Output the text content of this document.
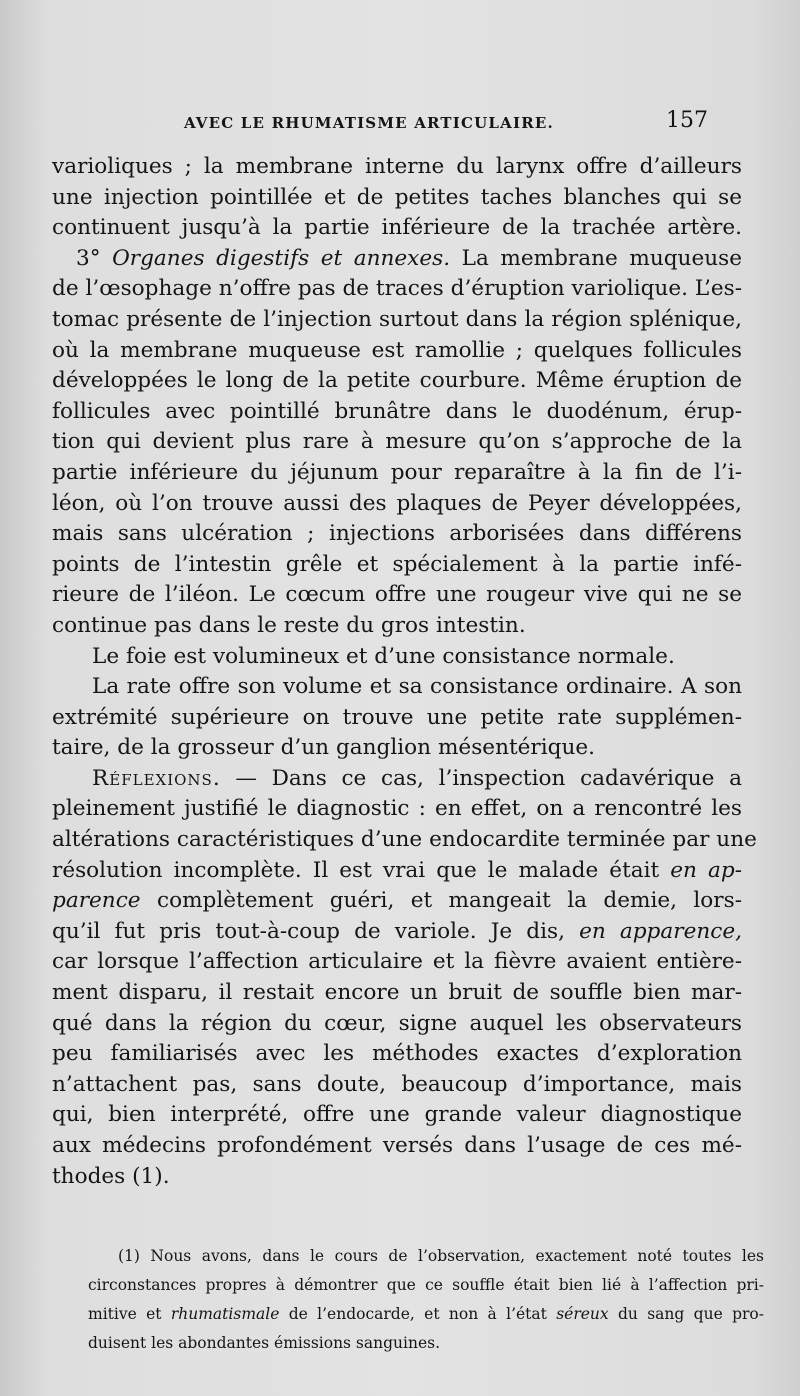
AVEC LE RHUMATISME ARTICULAIRE.	157
varioliques ; la membrane interne du larynx offre d’ailleurs
une injection pointillée et de petites taches blanches qui se
continuent jusqu’à la partie inférieure de la trachée artère.
3° Organes digestifs et annexes. La membrane muqueuse
de l’œsophage n’offre pas de traces d’éruption variolique. L’es-
tomac présente de l’injection surtout dans la région splénique,
où la membrane muqueuse est ramollie ; quelques follicules
développées le long de la petite courbure. Même éruption de
follicules avec pointillé brunâtre dans le duodénum, érup-
tion qui devient plus rare à mesure qu’on s’approche de la
partie inférieure du jéjunum pour reparaître à la fin de l’i-
léon, où l’on trouve aussi des plaques de Peyer développées,
mais sans ulcération ; injections arborisées dans différens
points de l’intestin grêle et spécialement à la partie infé-
rieure de l’iléon. Le cœcum offre une rougeur vive qui ne se
continue pas dans le reste du gros intestin.
Le foie est volumineux et d’une consistance normale.
La rate offre son volume et sa consistance ordinaire. A son
extrémité supérieure on trouve une petite rate supplémen-
taire, de la grosseur d’un ganglion mésentérique.
Réflexions. — Dans ce cas, l’inspection cadavérique a
pleinement justifié le diagnostic : en effet, on a rencontré les
altérations caractéristiques d’une endocardite terminée par une
résolution incomplète. Il est vrai que le malade était en ap-
parence complètement guéri, et mangeait la demie, lors-
qu’il fut pris tout-à-coup de variole. Je dis, en apparence,
car lorsque l’affection articulaire et la fièvre avaient entière-
ment disparu, il restait encore un bruit de souffle bien mar-
qué dans la région du cœur, signe auquel les observateurs
peu familiarisés avec les méthodes exactes d’exploration
n’attachent pas, sans doute, beaucoup d’importance, mais
qui, bien interprété, offre une grande valeur diagnostique
aux médecins profondément versés dans l’usage de ces mé-
thodes (1).
(1) Nous avons, dans le cours de l’observation, exactement noté toutes les
circonstances propres à démontrer que ce souffle était bien lié à l’affection pri-
mitive et rhumatismale de l’endocarde, et non à l’état séreux du sang que pro-
duisent les abondantes émissions sanguines.
